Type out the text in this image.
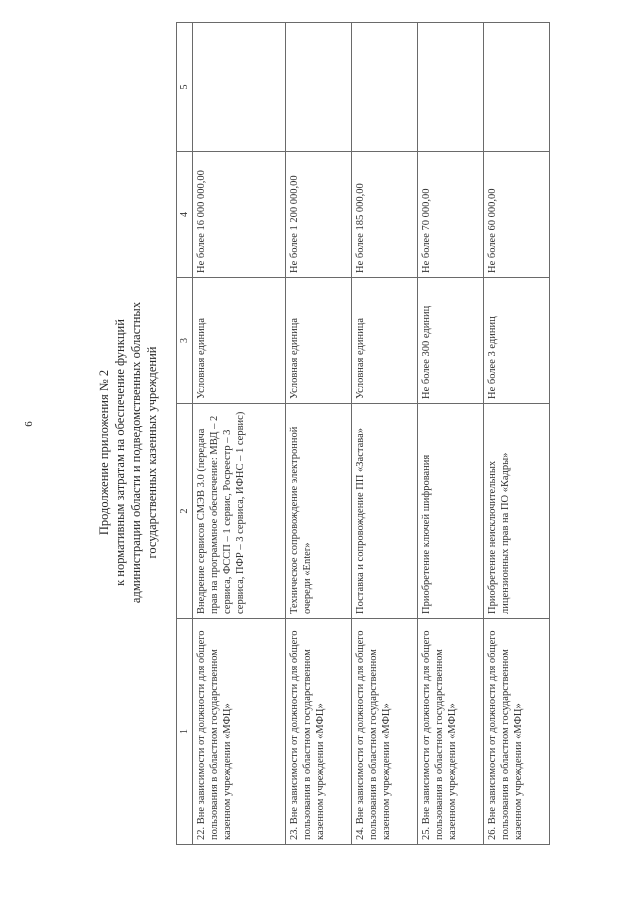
6	Продолжение приложения № 2 к нормативным затратам на обеспечение функций администрации области и подведомственных областных государственных казенных учреждений
1	2	3	4	5
22. Вне зависимости от должности для общего пользования в областном государственном казенном учреждении «МФЦ»	Внедрение сервисов СМЭВ 3.0 (передача прав на программное обеспечение: МВД – 2 сервиса, ФССП – 1 сервис, Росреестр – 3 сервиса, ПФР – 3 сервиса, ИФНС – 1 сервис)	Условная единица	Не более 16 000 000,00	
23. Вне зависимости от должности для общего пользования в областном государственном казенном учреждении «МФЦ»	Техническое сопровождение электронной очереди «Enter»	Условная единица	Не более 1 200 000,00	
24. Вне зависимости от должности для общего пользования в областном государственном казенном учреждении «МФЦ»	Поставка и сопровождение ПП «Застава»	Условная единица	Не более 185 000,00	
25. Вне зависимости от должности для общего пользования в областном государственном казенном учреждении «МФЦ»	Приобретение ключей шифрования	Не более 300 единиц	Не более 70 000,00	
26. Вне зависимости от должности для общего пользования в областном государственном казенном учреждении «МФЦ»	Приобретение неисключительных лицензионных прав на ПО «Кадры»	Не более 3 единиц	Не более 60 000,00	
